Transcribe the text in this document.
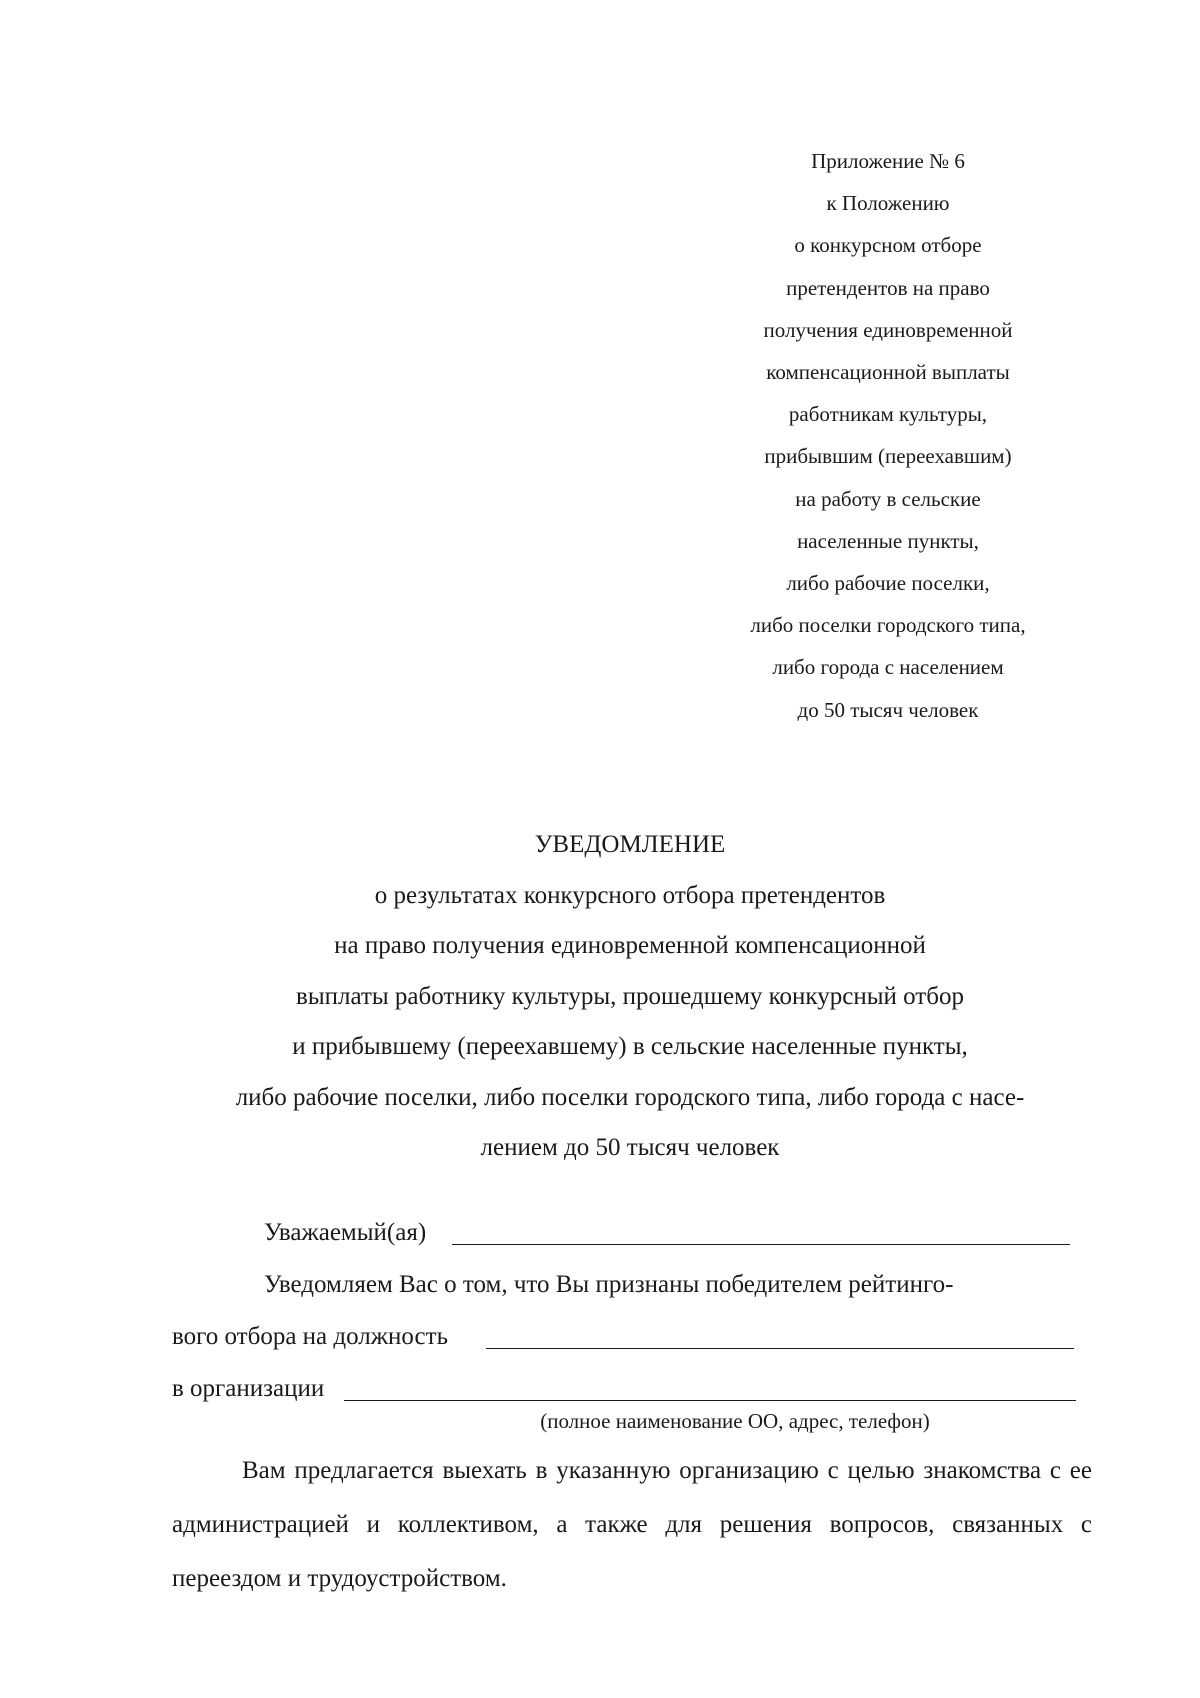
Приложение № 6
к Положению
о конкурсном отборе
претендентов на право
получения единовременной
компенсационной выплаты
работникам культуры,
прибывшим (переехавшим)
на работу в сельские
населенные пункты,
либо рабочие поселки,
либо поселки городского типа,
либо города с населением
до 50 тысяч человек
УВЕДОМЛЕНИЕ
о результатах конкурсного отбора претендентов
на право получения единовременной компенсационной
выплаты работнику культуры, прошедшему конкурсный отбор
и прибывшему (переехавшему) в сельские населенные пункты,
либо рабочие поселки, либо поселки городского типа, либо города с насе-
лением до 50 тысяч человек
Уважаемый(ая)
Уведомляем Вас о том, что Вы признаны победителем рейтинго-
вого отбора на должность
в организации
(полное наименование ОО, адрес, телефон)
Вам предлагается выехать в указанную организацию с целью знакомства с ее администрацией и коллективом, а также для решения вопросов, связанных с переездом и трудоустройством.
